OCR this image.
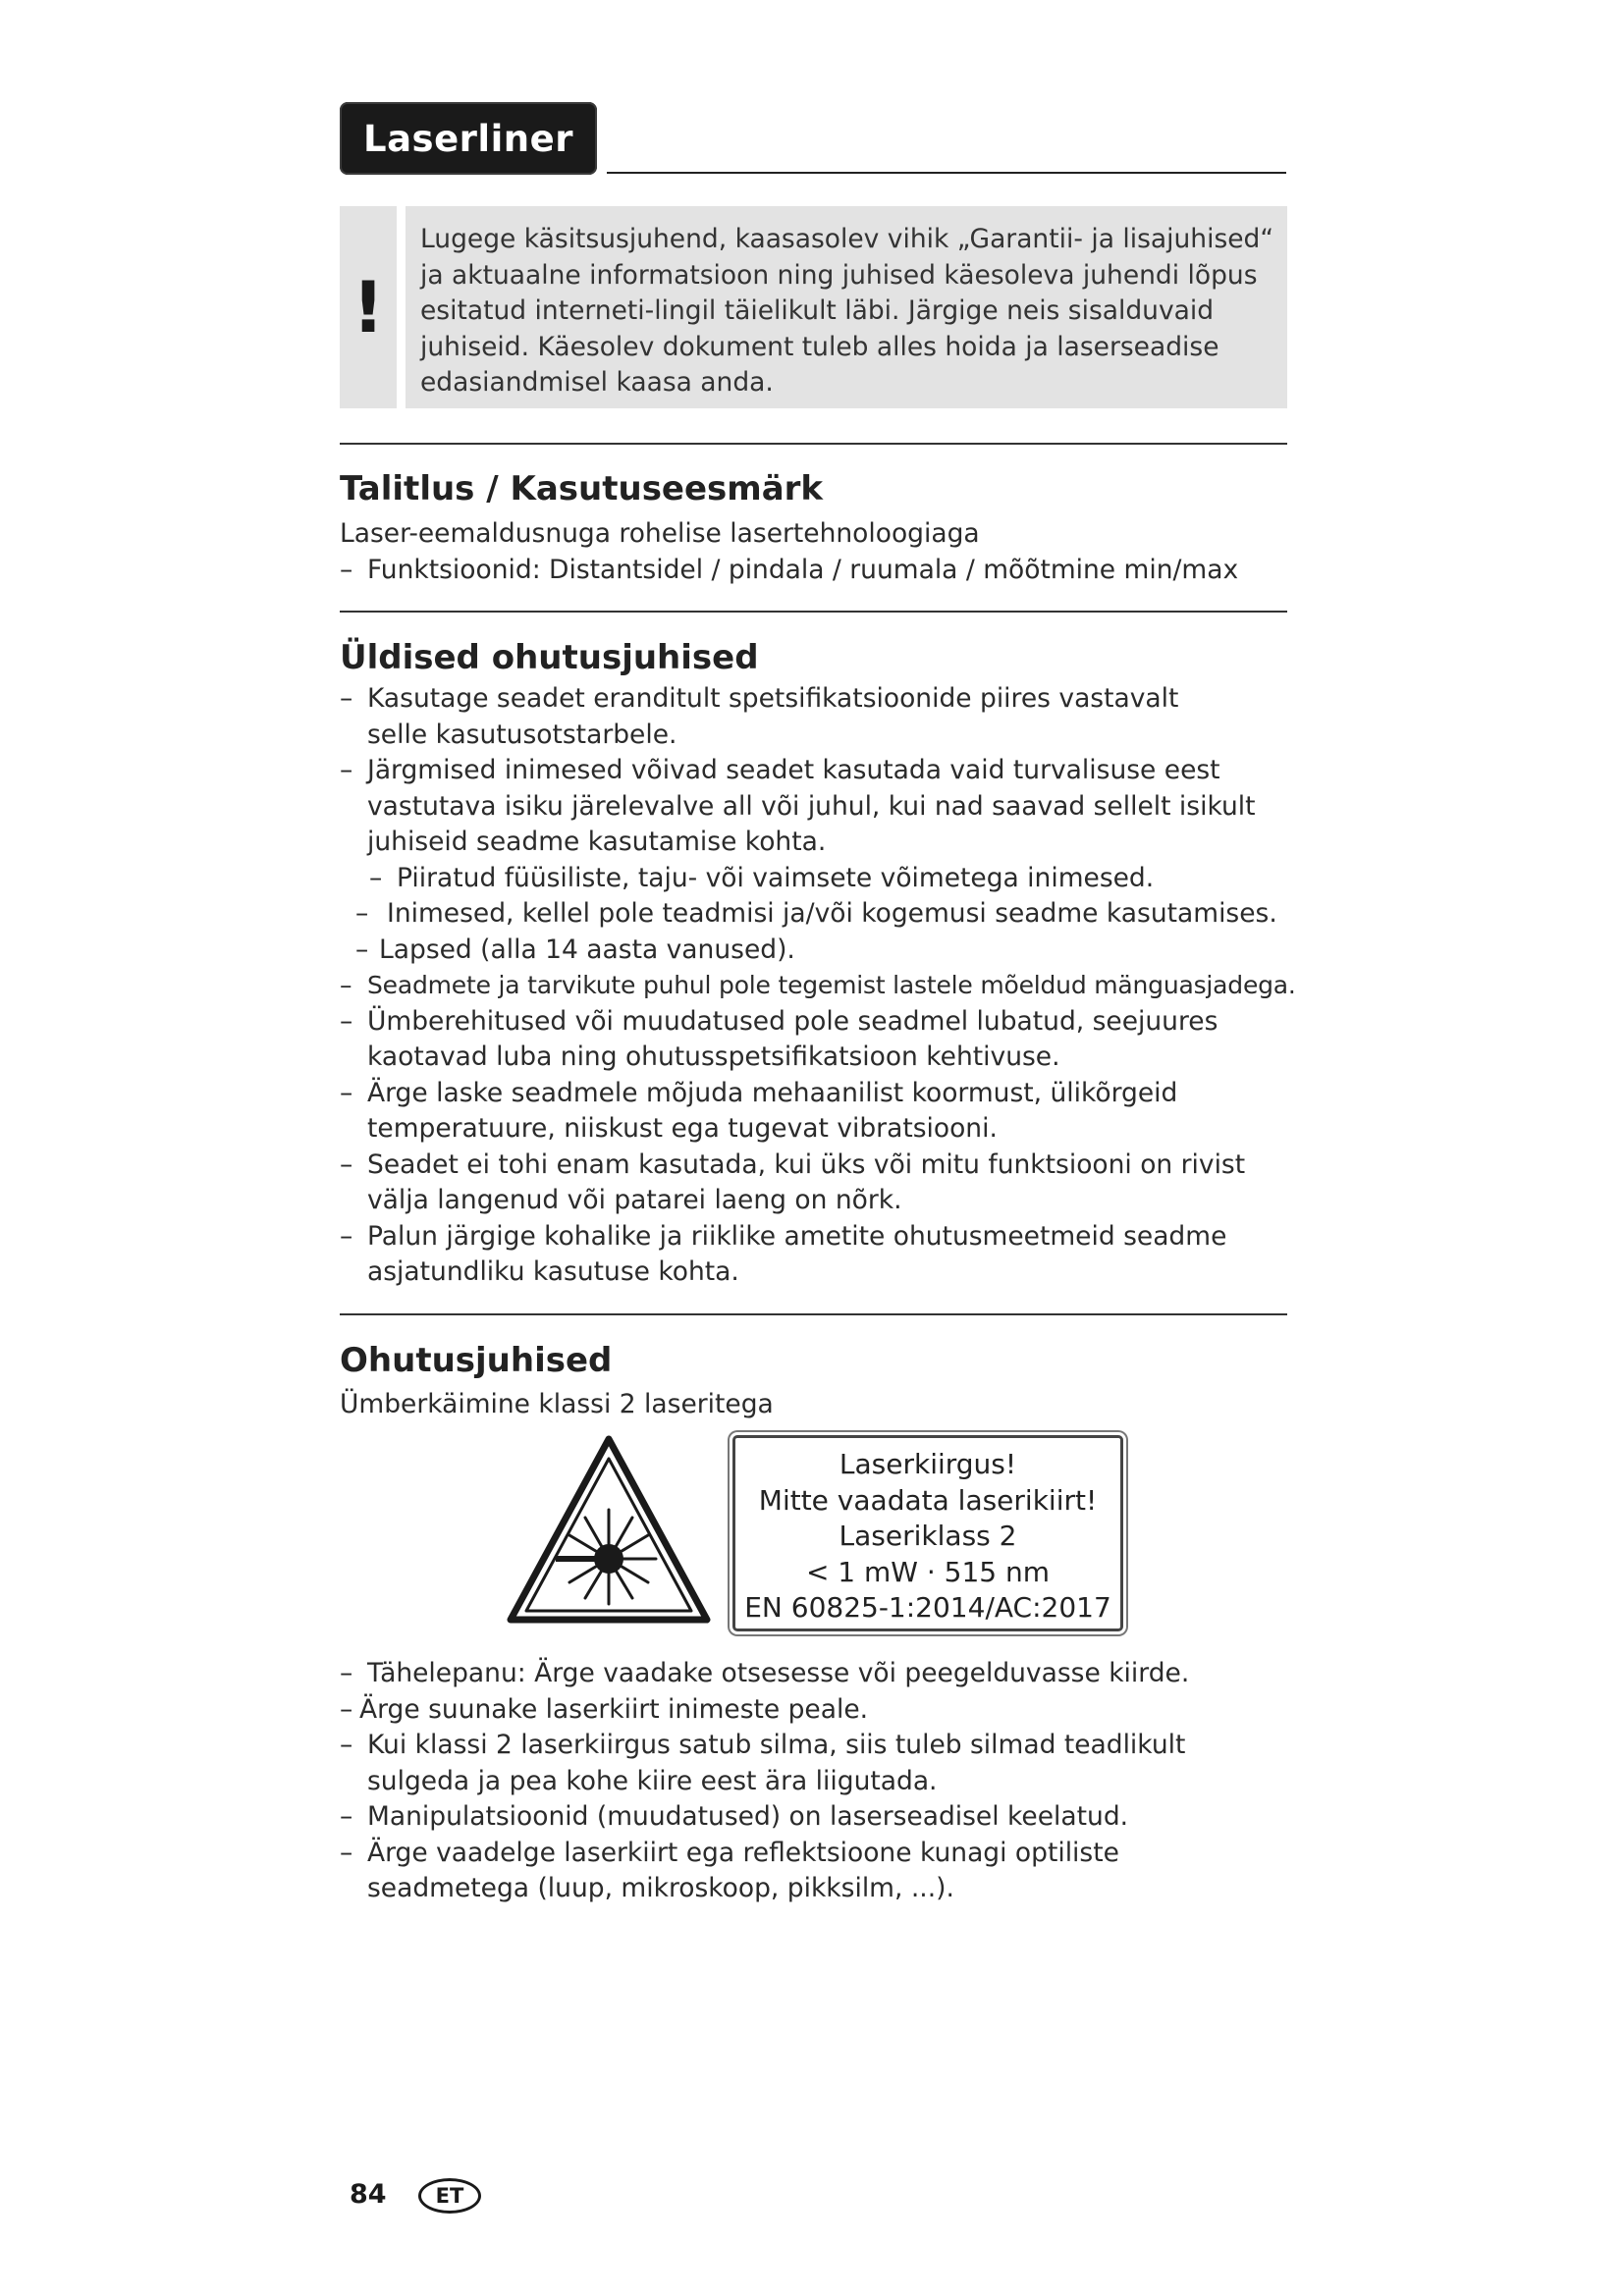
Laserliner
!
Lugege käsitsusjuhend, kaasasolev vihik „Garantii- ja lisajuhised“
ja aktuaalne informatsioon ning juhised käesoleva juhendi lõpus
esitatud interneti-lingil täielikult läbi. Järgige neis sisalduvaid
juhiseid. Käesolev dokument tuleb alles hoida ja laserseadise
edasiandmisel kaasa anda.
Talitlus / Kasutuseesmärk
Laser-eemaldusnuga rohelise lasertehnoloogiaga
– Funktsioonid: Distantsidel / pindala / ruumala / mõõtmine min/max
Üldised ohutusjuhised
– Kasutage seadet eranditult spetsifikatsioonide piires vastavalt
selle kasutusotstarbele.
– Järgmised inimesed võivad seadet kasutada vaid turvalisuse eest
vastutava isiku järelevalve all või juhul, kui nad saavad sellelt isikult
juhiseid seadme kasutamise kohta.
– Piiratud füüsiliste, taju- või vaimsete võimetega inimesed.
– Inimesed, kellel pole teadmisi ja/või kogemusi seadme kasutamises.
– Lapsed (alla 14 aasta vanused).
– Seadmete ja tarvikute puhul pole tegemist lastele mõeldud mänguasjadega.
– Ümberehitused või muudatused pole seadmel lubatud, seejuures
kaotavad luba ning ohutusspetsifikatsioon kehtivuse.
– Ärge laske seadmele mõjuda mehaanilist koormust, ülikõrgeid
temperatuure, niiskust ega tugevat vibratsiooni.
– Seadet ei tohi enam kasutada, kui üks või mitu funktsiooni on rivist
välja langenud või patarei laeng on nõrk.
– Palun järgige kohalike ja riiklike ametite ohutusmeetmeid seadme
asjatundliku kasutuse kohta.
Ohutusjuhised
Ümberkäimine klassi 2 laseritega
Laserkiirgus!
Mitte vaadata laserikiirt!
Laseriklass 2
< 1 mW · 515 nm
EN 60825-1:2014/AC:2017
– Tähelepanu: Ärge vaadake otsesesse või peegelduvasse kiirde.
– Ärge suunake laserkiirt inimeste peale.
– Kui klassi 2 laserkiirgus satub silma, siis tuleb silmad teadlikult
sulgeda ja pea kohe kiire eest ära liigutada.
– Manipulatsioonid (muudatused) on laserseadisel keelatud.
– Ärge vaadelge laserkiirt ega reflektsioone kunagi optiliste
seadmetega (luup, mikroskoop, pikksilm, ...).
84 ET
